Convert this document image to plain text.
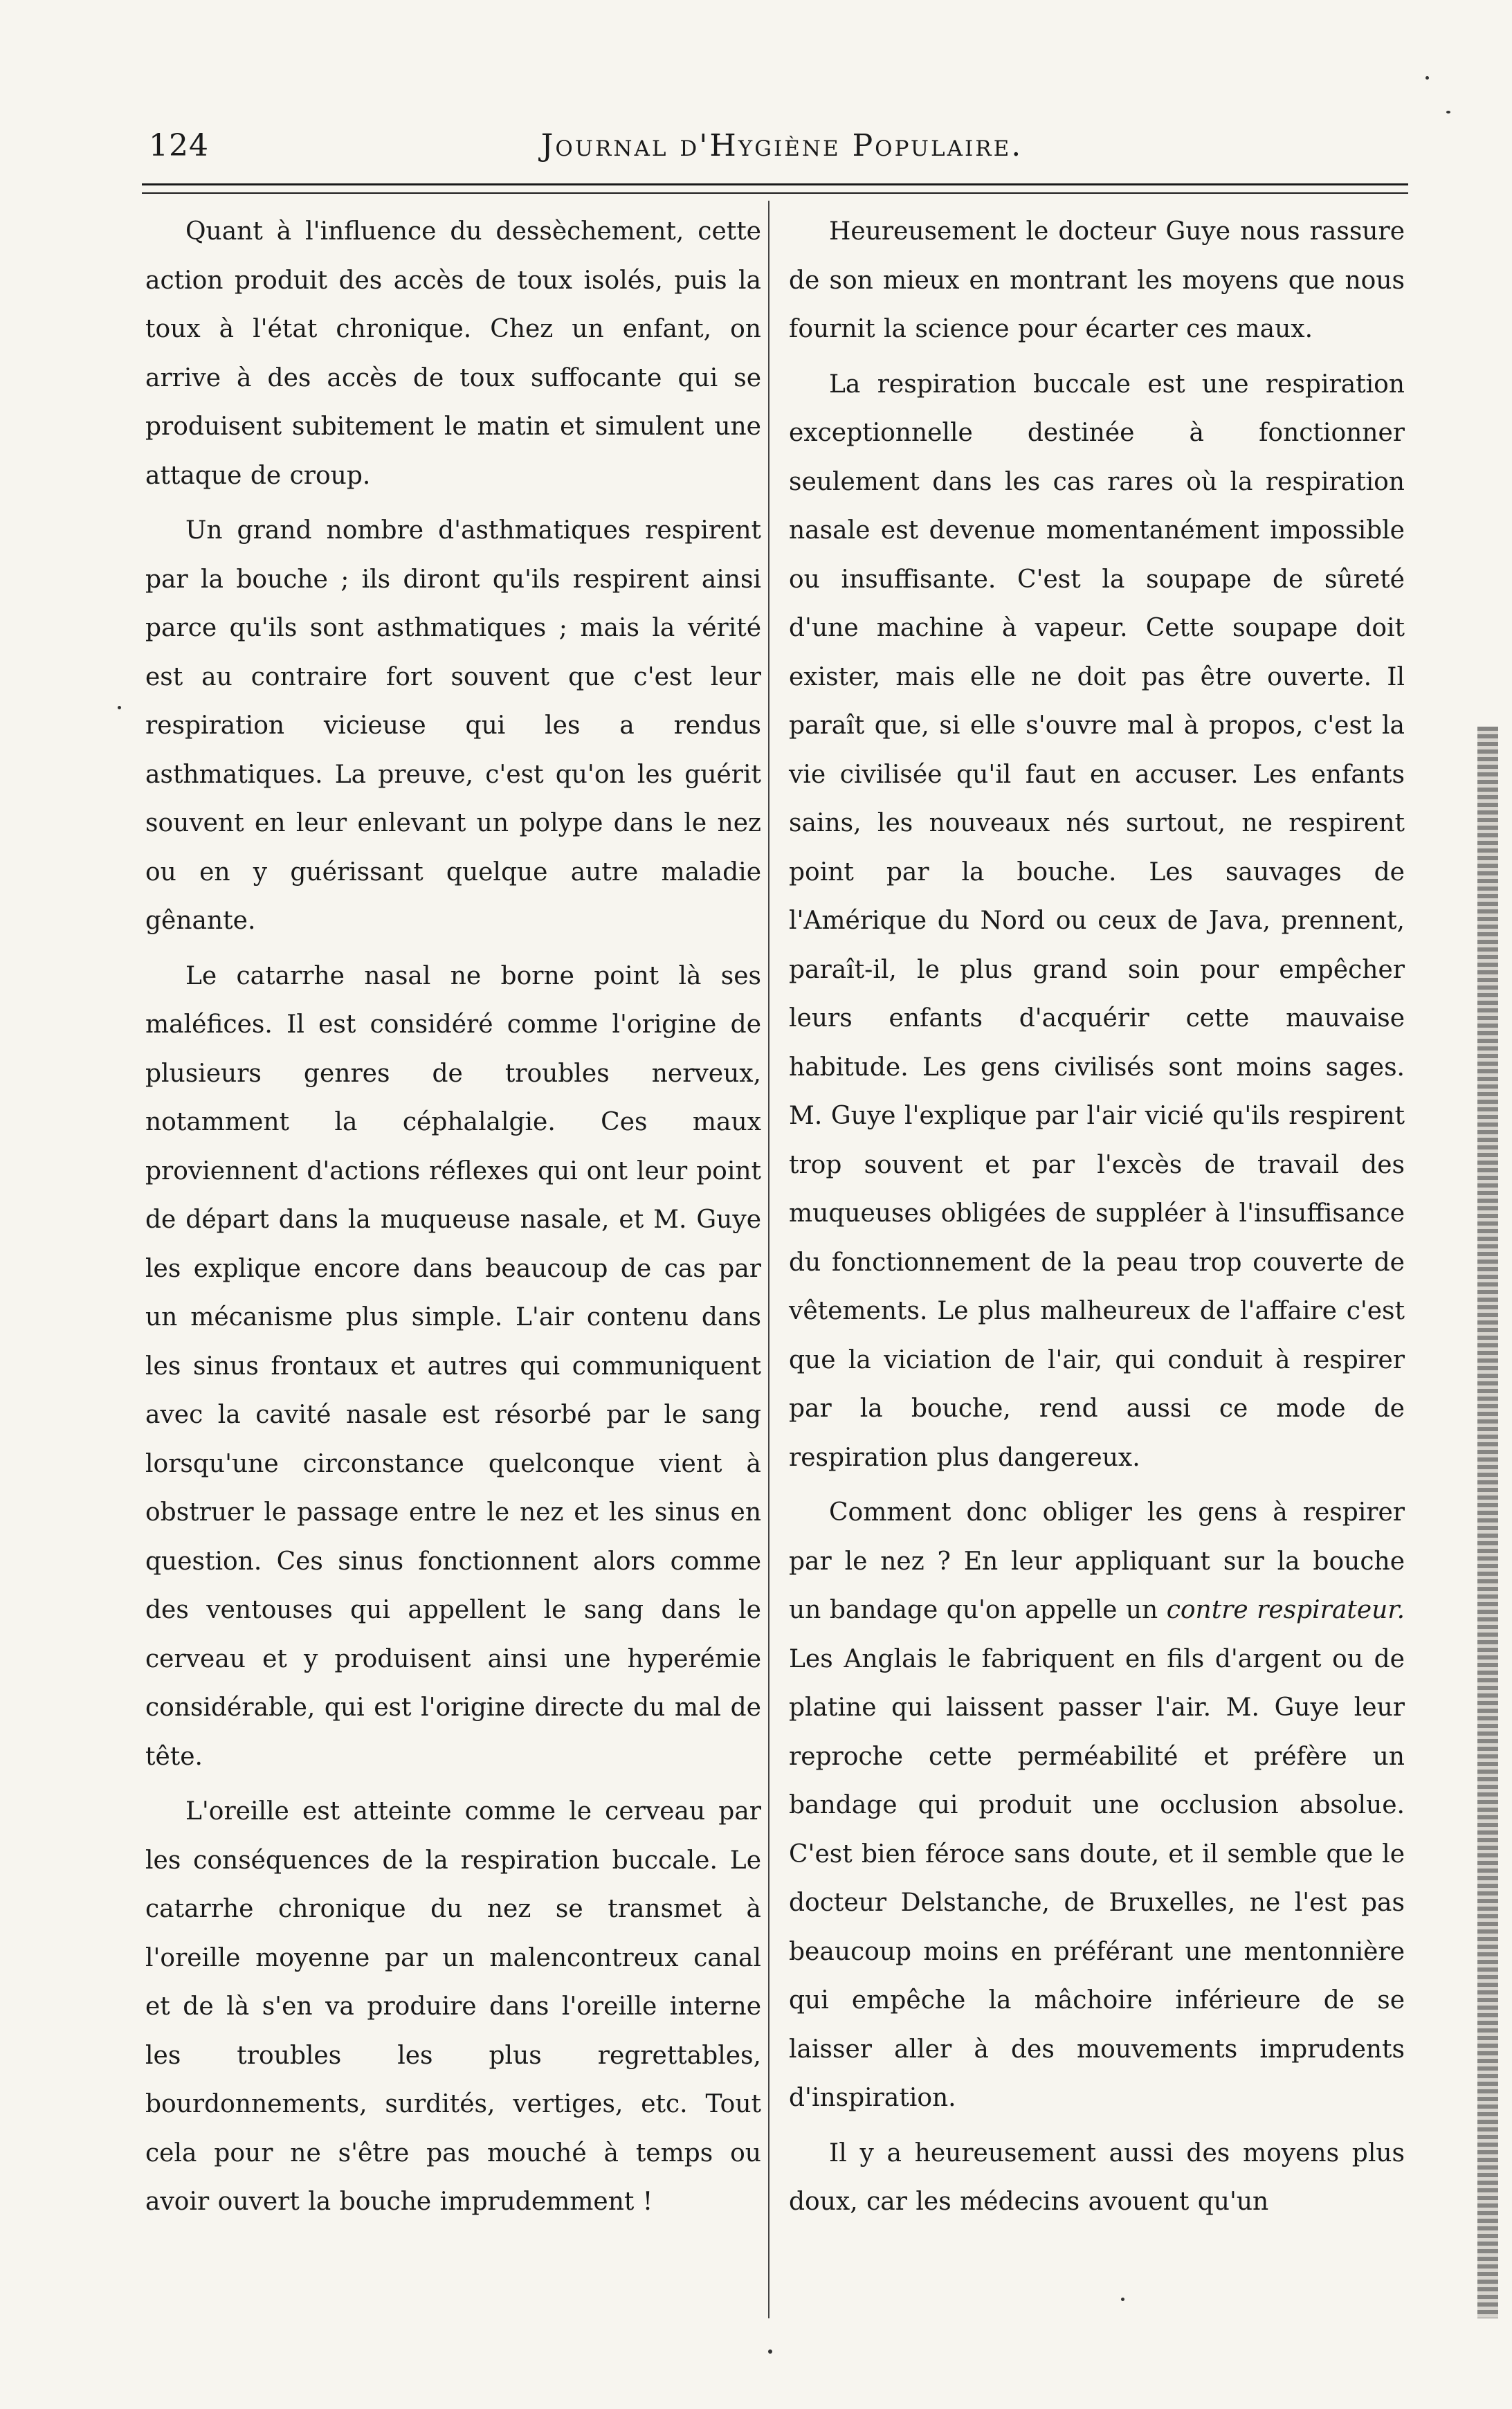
124	Journal d'Hygiène Populaire.

Quant à l'influence du dessèchement, cette action produit des accès de toux isolés, puis la toux à l'état chronique. Chez un enfant, on arrive à des accès de toux suffocante qui se produisent subitement le matin et simulent une attaque de croup.

Un grand nombre d'asthmatiques respirent par la bouche ; ils diront qu'ils respirent ainsi parce qu'ils sont asthmatiques ; mais la vérité est au contraire fort souvent que c'est leur respiration vicieuse qui les a rendus asthmatiques. La preuve, c'est qu'on les guérit souvent en leur enlevant un polype dans le nez ou en y guérissant quelque autre maladie gênante.

Le catarrhe nasal ne borne point là ses maléfices. Il est considéré comme l'origine de plusieurs genres de troubles nerveux, notamment la céphalalgie. Ces maux proviennent d'actions réflexes qui ont leur point de départ dans la muqueuse nasale, et M. Guye les explique encore dans beaucoup de cas par un mécanisme plus simple. L'air contenu dans les sinus frontaux et autres qui communiquent avec la cavité nasale est résorbé par le sang lorsqu'une circonstance quelconque vient à obstruer le passage entre le nez et les sinus en question. Ces sinus fonctionnent alors comme des ventouses qui appellent le sang dans le cerveau et y produisent ainsi une hyperémie considérable, qui est l'origine directe du mal de tête.

L'oreille est atteinte comme le cerveau par les conséquences de la respiration buccale. Le catarrhe chronique du nez se transmet à l'oreille moyenne par un malencontreux canal et de là s'en va produire dans l'oreille interne les troubles les plus regrettables, bourdonnements, surdités, vertiges, etc. Tout cela pour ne s'être pas mouché à temps ou avoir ouvert la bouche imprudemment !

Heureusement le docteur Guye nous rassure de son mieux en montrant les moyens que nous fournit la science pour écarter ces maux.

La respiration buccale est une respiration exceptionnelle destinée à fonctionner seulement dans les cas rares où la respiration nasale est devenue momentanément impossible ou insuffisante. C'est la soupape de sûreté d'une machine à vapeur. Cette soupape doit exister, mais elle ne doit pas être ouverte. Il paraît que, si elle s'ouvre mal à propos, c'est la vie civilisée qu'il faut en accuser. Les enfants sains, les nouveaux nés surtout, ne respirent point par la bouche. Les sauvages de l'Amérique du Nord ou ceux de Java, prennent, paraît-il, le plus grand soin pour empêcher leurs enfants d'acquérir cette mauvaise habitude. Les gens civilisés sont moins sages. M. Guye l'explique par l'air vicié qu'ils respirent trop souvent et par l'excès de travail des muqueuses obligées de suppléer à l'insuffisance du fonctionnement de la peau trop couverte de vêtements. Le plus malheureux de l'affaire c'est que la viciation de l'air, qui conduit à respirer par la bouche, rend aussi ce mode de respiration plus dangereux.

Comment donc obliger les gens à respirer par le nez ? En leur appliquant sur la bouche un bandage qu'on appelle un contre respirateur. Les Anglais le fabriquent en fils d'argent ou de platine qui laissent passer l'air. M. Guye leur reproche cette perméabilité et préfère un bandage qui produit une occlusion absolue. C'est bien féroce sans doute, et il semble que le docteur Delstanche, de Bruxelles, ne l'est pas beaucoup moins en préférant une mentonnière qui empêche la mâchoire inférieure de se laisser aller à des mouvements imprudents d'inspiration.

Il y a heureusement aussi des moyens plus doux, car les médecins avouent qu'un
